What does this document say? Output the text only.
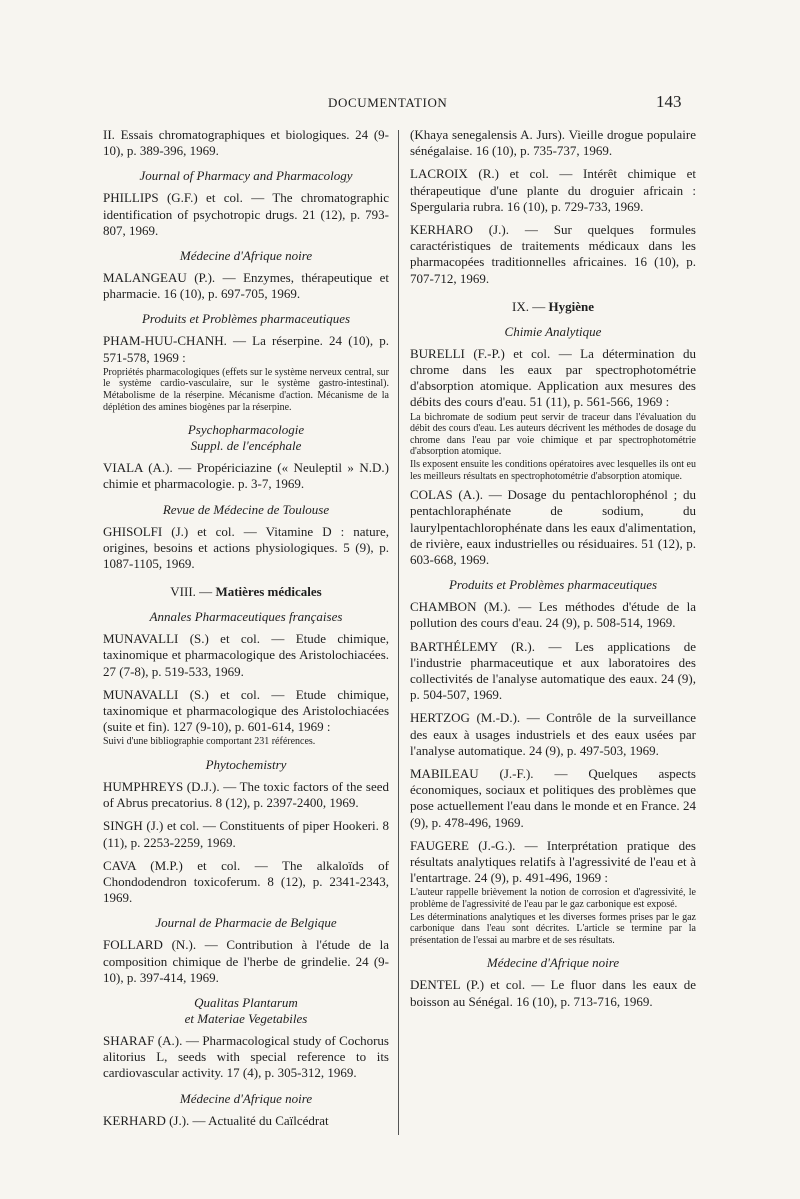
DOCUMENTATION	143

II. Essais chromatographiques et biologiques. 24 (9-10), p. 389-396, 1969.

Journal of Pharmacy and Pharmacology

PHILLIPS (G.F.) et col. — The chromatographic identification of psychotropic drugs. 21 (12), p. 793-807, 1969.

Médecine d'Afrique noire

MALANGEAU (P.). — Enzymes, thérapeutique et pharmacie. 16 (10), p. 697-705, 1969.

Produits et Problèmes pharmaceutiques

PHAM-HUU-CHANH. — La réserpine. 24 (10), p. 571-578, 1969 :

Propriétés pharmacologiques (effets sur le système nerveux central, sur le système cardio-vasculaire, sur le système gastro-intestinal). Métabolisme de la réserpine. Mécanisme d'action. Mécanisme de la déplétion des amines biogènes par la réserpine.

Psychopharmacologie

Suppl. de l'encéphale

VIALA (A.). — Propériciazine (« Neuleptil » N.D.) chimie et pharmacologie. p. 3-7, 1969.

Revue de Médecine de Toulouse

GHISOLFI (J.) et col. — Vitamine D : nature, origines, besoins et actions physiologiques. 5 (9), p. 1087-1105, 1969.

VIII. — Matières médicales

Annales Pharmaceutiques françaises

MUNAVALLI (S.) et col. — Etude chimique, taxinomique et pharmacologique des Aristolochiacées. 27 (7-8), p. 519-533, 1969.

MUNAVALLI (S.) et col. — Etude chimique, taxinomique et pharmacologique des Aristolochiacées (suite et fin). 127 (9-10), p. 601-614, 1969 :

Suivi d'une bibliographie comportant 231 références.

Phytochemistry

HUMPHREYS (D.J.). — The toxic factors of the seed of Abrus precatorius. 8 (12), p. 2397-2400, 1969.

SINGH (J.) et col. — Constituents of piper Hookeri. 8 (11), p. 2253-2259, 1969.

CAVA (M.P.) et col. — The alkaloïds of Chondodendron toxicoferum. 8 (12), p. 2341-2343, 1969.

Journal de Pharmacie de Belgique

FOLLARD (N.). — Contribution à l'étude de la composition chimique de l'herbe de grindelie. 24 (9-10), p. 397-414, 1969.

Qualitas Plantarum

et Materiae Vegetabiles

SHARAF (A.). — Pharmacological study of Cochorus alitorius L, seeds with special reference to its cardiovascular activity. 17 (4), p. 305-312, 1969.

Médecine d'Afrique noire

KERHARD (J.). — Actualité du Caïlcédrat

(Khaya senegalensis A. Jurs). Vieille drogue populaire sénégalaise. 16 (10), p. 735-737, 1969.

LACROIX (R.) et col. — Intérêt chimique et thérapeutique d'une plante du droguier africain : Spergularia rubra. 16 (10), p. 729-733, 1969.

KERHARO (J.). — Sur quelques formules caractéristiques de traitements médicaux dans les pharmacopées traditionnelles africaines. 16 (10), p. 707-712, 1969.

IX. — Hygiène

Chimie Analytique

BURELLI (F.-P.) et col. — La détermination du chrome dans les eaux par spectrophotométrie d'absorption atomique. Application aux mesures des débits des cours d'eau. 51 (11), p. 561-566, 1969 :

La bichromate de sodium peut servir de traceur dans l'évaluation du débit des cours d'eau. Les auteurs décrivent les méthodes de dosage du chrome dans l'eau par voie chimique et par spectrophotométrie d'absorption atomique.

Ils exposent ensuite les conditions opératoires avec lesquelles ils ont eu les meilleurs résultats en spectrophotométrie d'absorption atomique.

COLAS (A.). — Dosage du pentachlorophénol ; du pentachloraphénate de sodium, du laurylpentachlorophénate dans les eaux d'alimentation, de rivière, eaux industrielles ou résiduaires. 51 (12), p. 603-668, 1969.

Produits et Problèmes pharmaceutiques

CHAMBON (M.). — Les méthodes d'étude de la pollution des cours d'eau. 24 (9), p. 508-514, 1969.

BARTHÉLEMY (R.). — Les applications de l'industrie pharmaceutique et aux laboratoires des collectivités de l'analyse automatique des eaux. 24 (9), p. 504-507, 1969.

HERTZOG (M.-D.). — Contrôle de la surveillance des eaux à usages industriels et des eaux usées par l'analyse automatique. 24 (9), p. 497-503, 1969.

MABILEAU (J.-F.). — Quelques aspects économiques, sociaux et politiques des problèmes que pose actuellement l'eau dans le monde et en France. 24 (9), p. 478-496, 1969.

FAUGERE (J.-G.). — Interprétation pratique des résultats analytiques relatifs à l'agressivité de l'eau et à l'entartrage. 24 (9), p. 491-496, 1969 :

L'auteur rappelle brièvement la notion de corrosion et d'agressivité, le problème de l'agressivité de l'eau par le gaz carbonique est exposé.

Les déterminations analytiques et les diverses formes prises par le gaz carbonique dans l'eau sont décrites. L'article se termine par la présentation de l'essai au marbre et de ses résultats.

Médecine d'Afrique noire

DENTEL (P.) et col. — Le fluor dans les eaux de boisson au Sénégal. 16 (10), p. 713-716, 1969.
